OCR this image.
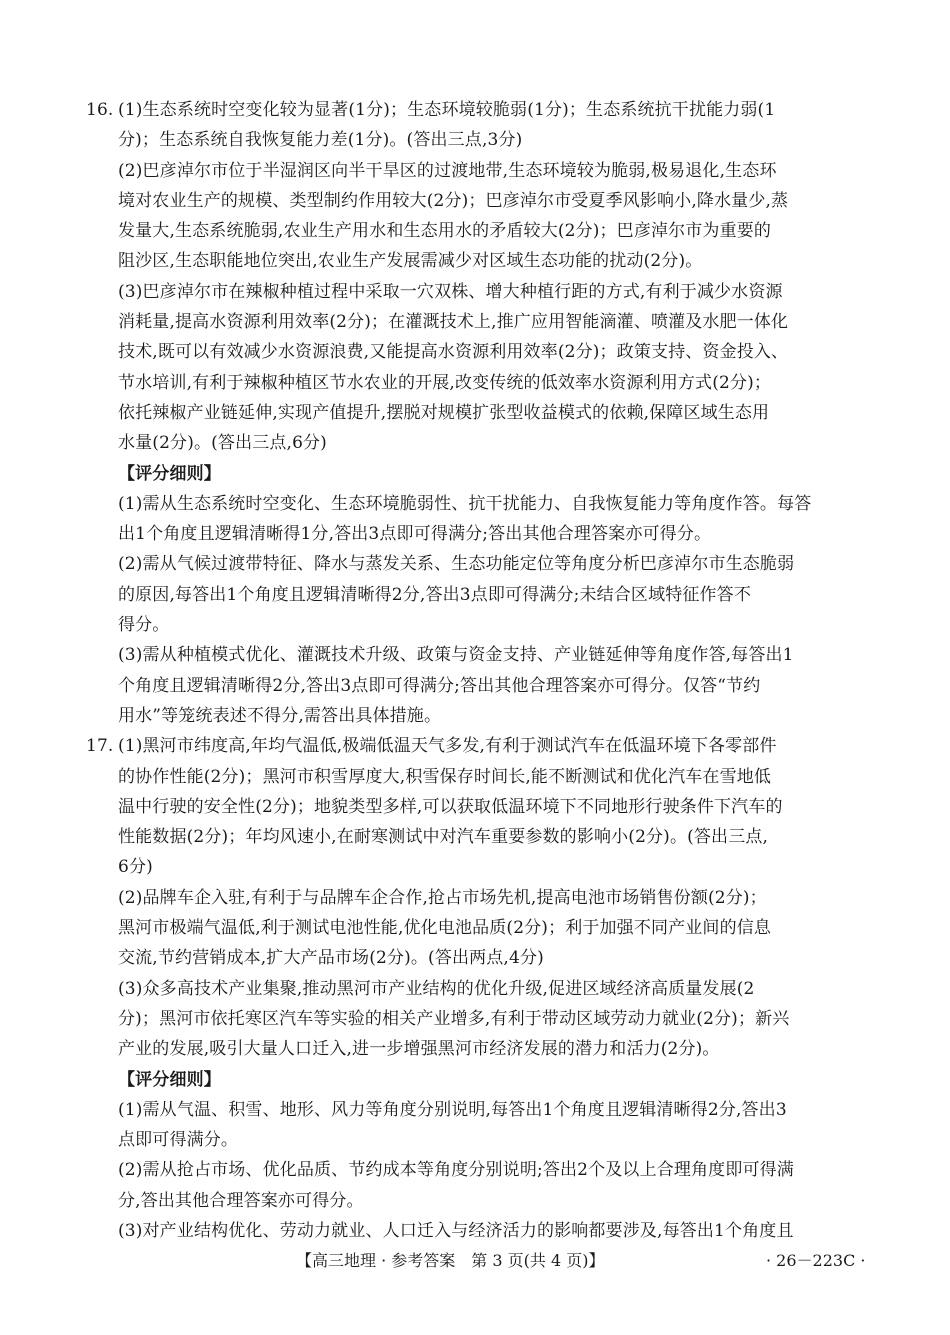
16. (1)生态系统时空变化较为显著(1分)；生态环境较脆弱(1分)；生态系统抗干扰能力弱(1
分)；生态系统自我恢复能力差(1分)。(答出三点,3分)
(2)巴彦淖尔市位于半湿润区向半干旱区的过渡地带,生态环境较为脆弱,极易退化,生态环
境对农业生产的规模、类型制约作用较大(2分)；巴彦淖尔市受夏季风影响小,降水量少,蒸
发量大,生态系统脆弱,农业生产用水和生态用水的矛盾较大(2分)；巴彦淖尔市为重要的
阻沙区,生态职能地位突出,农业生产发展需减少对区域生态功能的扰动(2分)。
(3)巴彦淖尔市在辣椒种植过程中采取一穴双株、增大种植行距的方式,有利于减少水资源
消耗量,提高水资源利用效率(2分)；在灌溉技术上,推广应用智能滴灌、喷灌及水肥一体化
技术,既可以有效减少水资源浪费,又能提高水资源利用效率(2分)；政策支持、资金投入、
节水培训,有利于辣椒种植区节水农业的开展,改变传统的低效率水资源利用方式(2分)；
依托辣椒产业链延伸,实现产值提升,摆脱对规模扩张型收益模式的依赖,保障区域生态用
水量(2分)。(答出三点,6分)
【评分细则】
(1)需从生态系统时空变化、生态环境脆弱性、抗干扰能力、自我恢复能力等角度作答。每答
出1个角度且逻辑清晰得1分,答出3点即可得满分;答出其他合理答案亦可得分。
(2)需从气候过渡带特征、降水与蒸发关系、生态功能定位等角度分析巴彦淖尔市生态脆弱
的原因,每答出1个角度且逻辑清晰得2分,答出3点即可得满分;未结合区域特征作答不
得分。
(3)需从种植模式优化、灌溉技术升级、政策与资金支持、产业链延伸等角度作答,每答出1
个角度且逻辑清晰得2分,答出3点即可得满分;答出其他合理答案亦可得分。仅答“节约
用水”等笼统表述不得分,需答出具体措施。
17. (1)黑河市纬度高,年均气温低,极端低温天气多发,有利于测试汽车在低温环境下各零部件
的协作性能(2分)；黑河市积雪厚度大,积雪保存时间长,能不断测试和优化汽车在雪地低
温中行驶的安全性(2分)；地貌类型多样,可以获取低温环境下不同地形行驶条件下汽车的
性能数据(2分)；年均风速小,在耐寒测试中对汽车重要参数的影响小(2分)。(答出三点,
6分)
(2)品牌车企入驻,有利于与品牌车企合作,抢占市场先机,提高电池市场销售份额(2分)；
黑河市极端气温低,利于测试电池性能,优化电池品质(2分)；利于加强不同产业间的信息
交流,节约营销成本,扩大产品市场(2分)。(答出两点,4分)
(3)众多高技术产业集聚,推动黑河市产业结构的优化升级,促进区域经济高质量发展(2
分)；黑河市依托寒区汽车等实验的相关产业增多,有利于带动区域劳动力就业(2分)；新兴
产业的发展,吸引大量人口迁入,进一步增强黑河市经济发展的潜力和活力(2分)。
【评分细则】
(1)需从气温、积雪、地形、风力等角度分别说明,每答出1个角度且逻辑清晰得2分,答出3
点即可得满分。
(2)需从抢占市场、优化品质、节约成本等角度分别说明;答出2个及以上合理角度即可得满
分,答出其他合理答案亦可得分。
(3)对产业结构优化、劳动力就业、人口迁入与经济活力的影响都要涉及,每答出1个角度且
【高三地理 · 参考答案　第 3 页(共 4 页)】	· 26－223C ·
